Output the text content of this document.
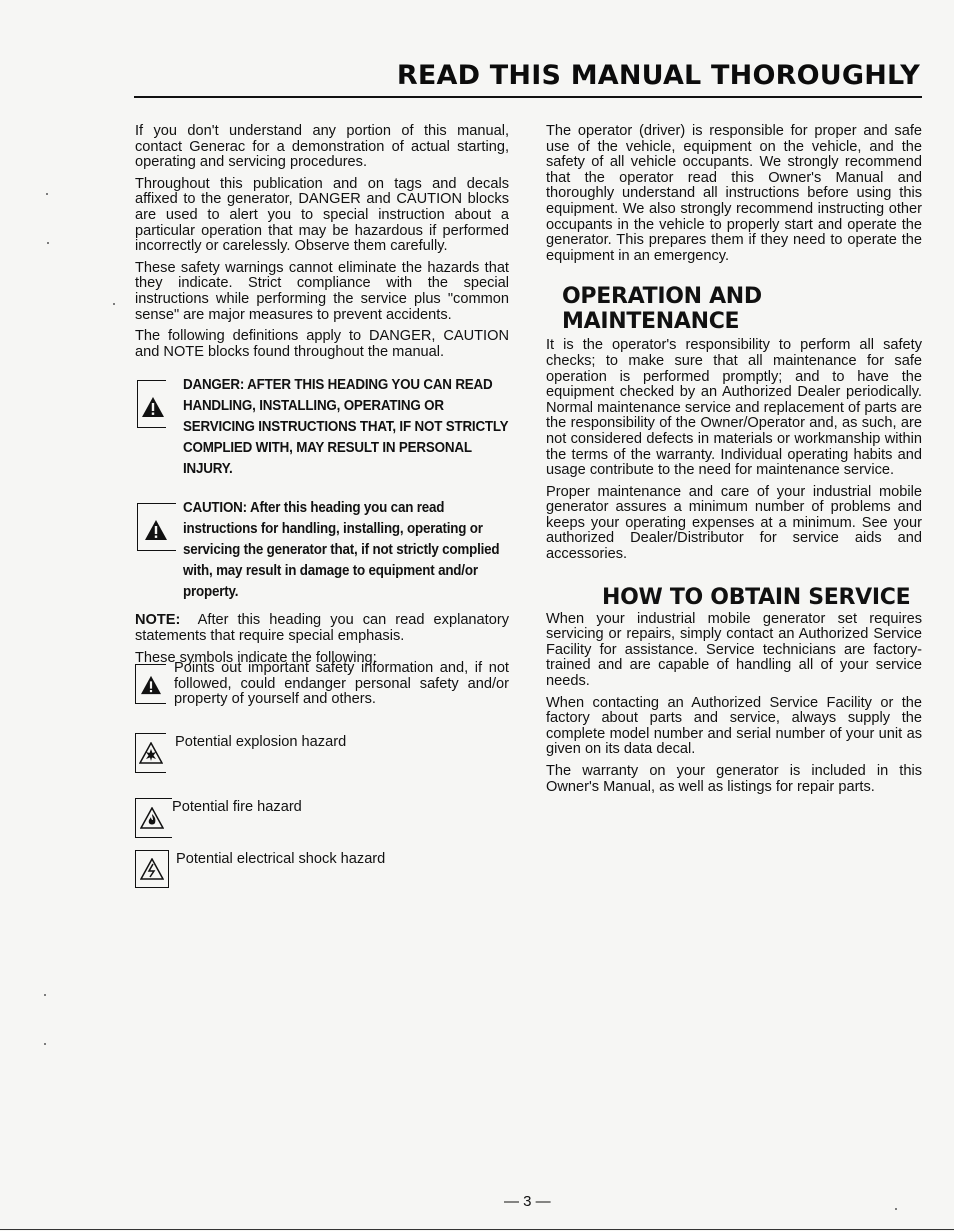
READ THIS MANUAL THOROUGHLY

If you don't understand any portion of this manual, contact Generac for a demonstration of actual starting, operating and servicing procedures.

Throughout this publication and on tags and decals affixed to the generator, DANGER and CAUTION blocks are used to alert you to special instruction about a particular operation that may be hazardous if performed incorrectly or carelessly. Observe them carefully.

These safety warnings cannot eliminate the hazards that they indicate. Strict compliance with the special instructions while performing the service plus "common sense" are major measures to prevent accidents.

The following definitions apply to DANGER, CAUTION and NOTE blocks found throughout the manual.

DANGER: AFTER THIS HEADING YOU CAN READ HANDLING, INSTALLING, OPERATING OR SERVICING INSTRUCTIONS THAT, IF NOT STRICTLY COMPLIED WITH, MAY RESULT IN PERSONAL INJURY.
CAUTION: After this heading you can read instructions for handling, installing, operating or servicing the generator that, if not strictly complied with, may result in damage to equipment and/or property.

NOTE: After this heading you can read explanatory statements that require special emphasis.

These symbols indicate the following:

Points out important safety information and, if not followed, could endanger personal safety and/or property of yourself and others.
Potential explosion hazard
Potential fire hazard
Potential electrical shock hazard

The operator (driver) is responsible for proper and safe use of the vehicle, equipment on the vehicle, and the safety of all vehicle occupants. We strongly recommend that the operator read this Owner's Manual and thoroughly understand all instructions before using this equipment. We also strongly recommend instructing other occupants in the vehicle to properly start and operate the generator. This prepares them if they need to operate the equipment in an emergency.

OPERATION AND MAINTENANCE

It is the operator's responsibility to perform all safety checks; to make sure that all maintenance for safe operation is performed promptly; and to have the equipment checked by an Authorized Dealer periodically. Normal maintenance service and replacement of parts are the responsibility of the Owner/Operator and, as such, are not considered defects in materials or workmanship within the terms of the warranty. Individual operating habits and usage contribute to the need for maintenance service.

Proper maintenance and care of your industrial mobile generator assures a minimum number of problems and keeps your operating expenses at a minimum. See your authorized Dealer/Distributor for service aids and accessories.

HOW TO OBTAIN SERVICE

When your industrial mobile generator set requires servicing or repairs, simply contact an Authorized Service Facility for assistance. Service technicians are factory-trained and are capable of handling all of your service needs.

When contacting an Authorized Service Facility or the factory about parts and service, always supply the complete model number and serial number of your unit as given on its data decal.

The warranty on your generator is included in this Owner's Manual, as well as listings for repair parts.

— 3 —
